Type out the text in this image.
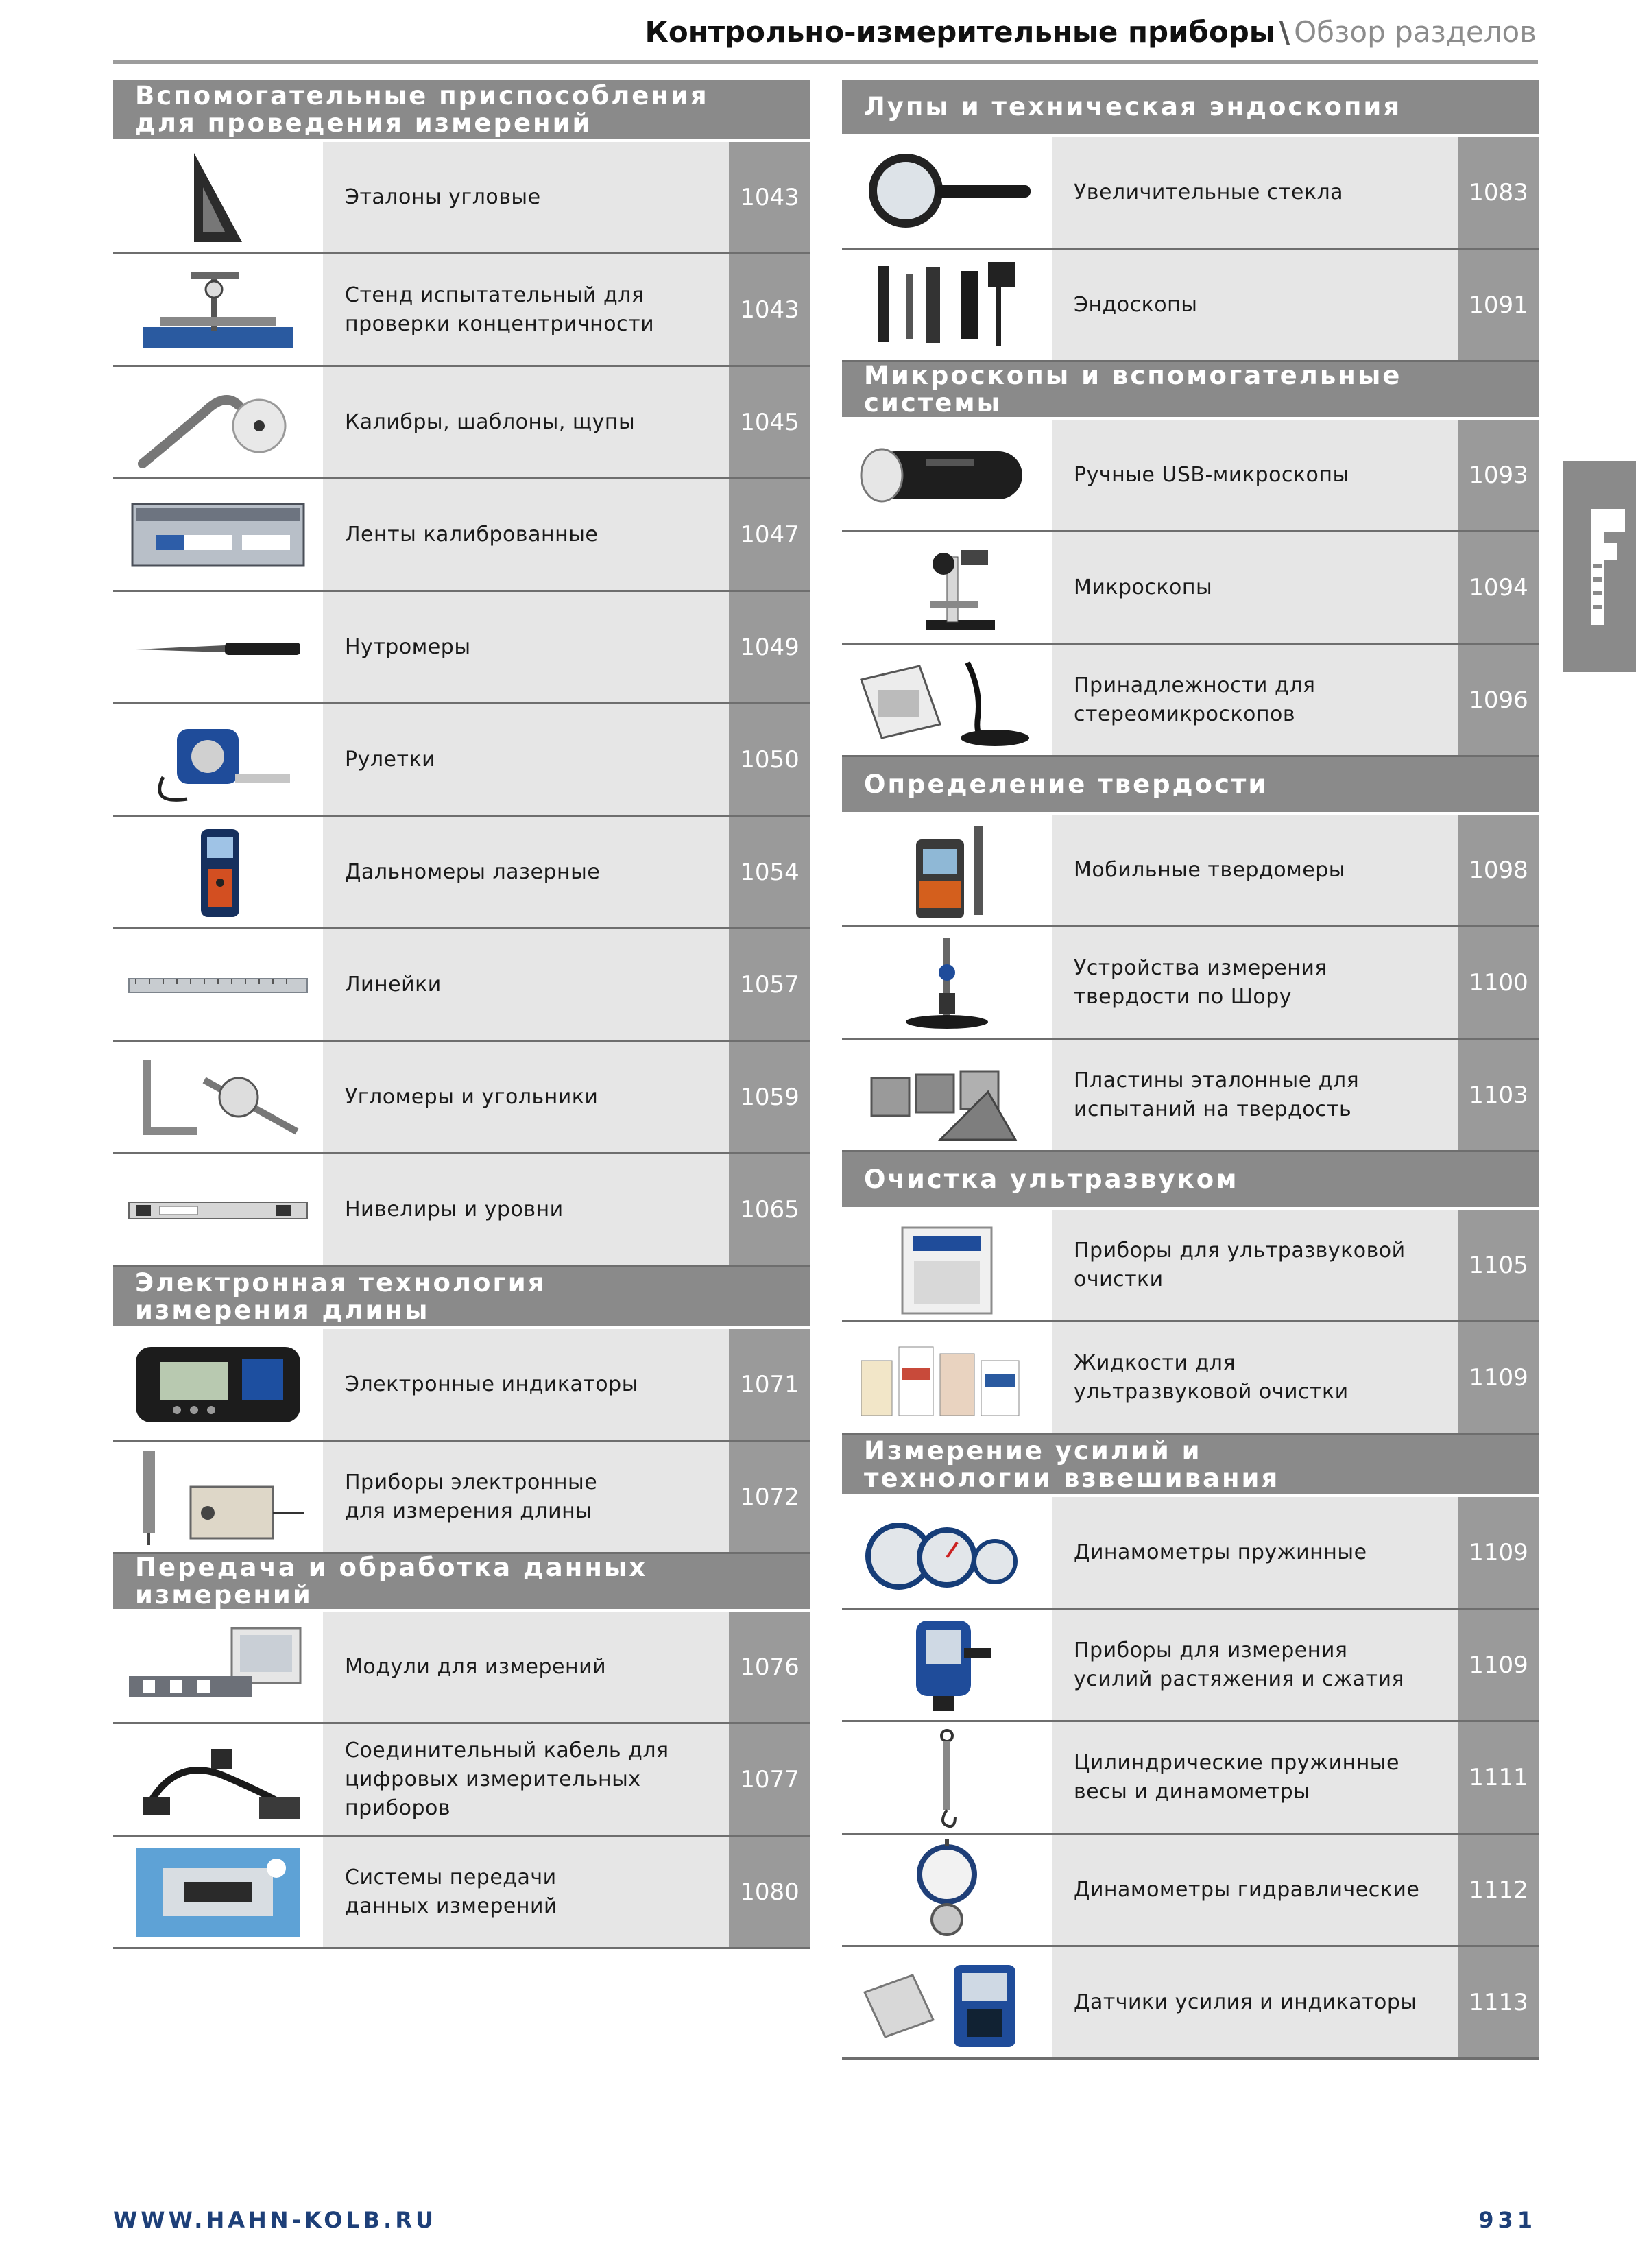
Контрольно-измерительные приборы \ Обзор разделов
Вспомогательные приспособления
для проведения измерений
Эталоны угловые	1043
Стенд испытательный для
проверки концентричности
1043
Калибры, шаблоны, щупы	1045
Ленты калиброванные	1047
Нутромеры	1049
Рулетки	1050
Дальномеры лазерные	1054
Линейки	1057
Угломеры и угольники	1059
Нивелиры и уровни	1065
Электронная технология
измерения длины
Электронные индикаторы	1071
Приборы электронные
для измерения длины
1072
Передача и обработка данных измерений
Модули для измерений	1076
Соединительный кабель для
цифровых измерительных приборов
1077
Системы передачи
данных измерений
1080
Лупы и техническая эндоскопия
Увеличительные стекла	1083
Эндоскопы	1091
Микроскопы и вспомогательные системы
Ручные USB-микроскопы	1093
Микроскопы	1094
Принадлежности для
стереомикроскопов
1096
Определение твердости
Мобильные твердомеры	1098
Устройства измерения
твердости по Шору
1100
Пластины эталонные для
испытаний на твердость
1103
Очистка ультразвуком
Приборы для ультразвуковой
очистки
1105
Жидкости для
ультразвуковой очистки
1109
Измерение усилий и
технологии взвешивания
Динамометры пружинные	1109
Приборы для измерения
усилий растяжения и сжатия
1109
Цилиндрические пружинные
весы и динамометры
1111
Динамометры гидравлические	1112
Датчики усилия и индикаторы	1113
WWW.HAHN-KOLB.RU	931
